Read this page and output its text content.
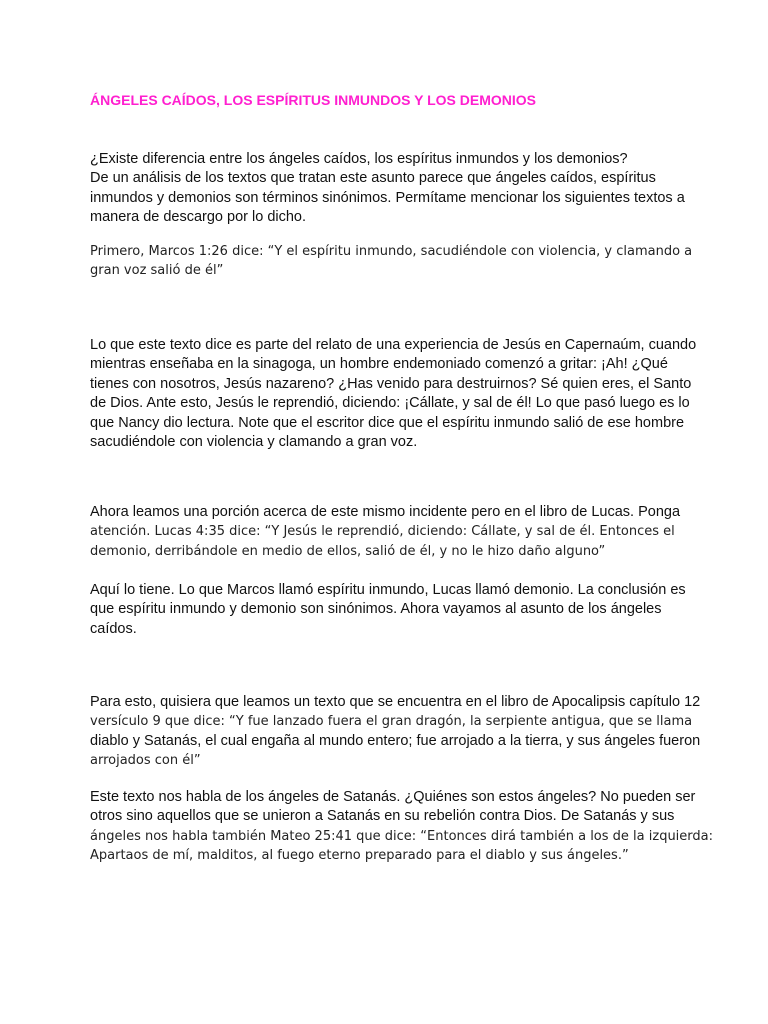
ÁNGELES CAÍDOS, LOS ESPÍRITUS INMUNDOS Y LOS DEMONIOS

¿Existe diferencia entre los ángeles caídos, los espíritus inmundos y los demonios?
De un análisis de los textos que tratan este asunto parece que ángeles caídos, espíritus
inmundos y demonios son términos sinónimos. Permítame mencionar los siguientes textos a
manera de descargo por lo dicho.

Primero, Marcos 1:26 dice: “Y el espíritu inmundo, sacudiéndole con violencia, y clamando a
gran voz salió de él”

Lo que este texto dice es parte del relato de una experiencia de Jesús en Capernaúm, cuando
mientras enseñaba en la sinagoga, un hombre endemoniado comenzó a gritar: ¡Ah! ¿Qué
tienes con nosotros, Jesús nazareno? ¿Has venido para destruirnos? Sé quien eres, el Santo
de Dios. Ante esto, Jesús le reprendió, diciendo: ¡Cállate, y sal de él! Lo que pasó luego es lo
que Nancy dio lectura. Note que el escritor dice que el espíritu inmundo salió de ese hombre
sacudiéndole con violencia y clamando a gran voz.

Ahora leamos una porción acerca de este mismo incidente pero en el libro de Lucas. Ponga
atención. Lucas 4:35 dice: “Y Jesús le reprendió, diciendo: Cállate, y sal de él. Entonces el
demonio, derribándole en medio de ellos, salió de él, y no le hizo daño alguno”

Aquí lo tiene. Lo que Marcos llamó espíritu inmundo, Lucas llamó demonio. La conclusión es
que espíritu inmundo y demonio son sinónimos. Ahora vayamos al asunto de los ángeles
caídos.

Para esto, quisiera que leamos un texto que se encuentra en el libro de Apocalipsis capítulo 12
versículo 9 que dice: “Y fue lanzado fuera el gran dragón, la serpiente antigua, que se llama
diablo y Satanás, el cual engaña al mundo entero; fue arrojado a la tierra, y sus ángeles fueron
arrojados con él”

Este texto nos habla de los ángeles de Satanás. ¿Quiénes son estos ángeles? No pueden ser
otros sino aquellos que se unieron a Satanás en su rebelión contra Dios. De Satanás y sus
ángeles nos habla también Mateo 25:41 que dice: “Entonces dirá también a los de la izquierda:
Apartaos de mí, malditos, al fuego eterno preparado para el diablo y sus ángeles.”
